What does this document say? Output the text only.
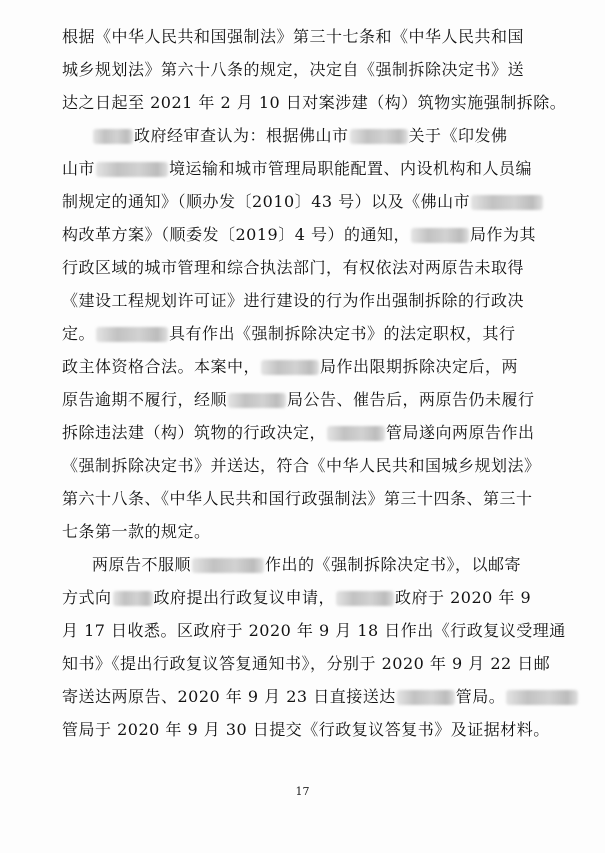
根据《中华人民共和国强制法》第三十七条和《中华人民共和国
城乡规划法》第六十八条的规定，决定自《强制拆除决定书》送
达之日起至 2021 年 2 月 10 日对案涉建（构）筑物实施强制拆除。
政府经审查认为：根据佛山市	关于《印发佛
山市	境运输和城市管理局职能配置、内设机构和人员编
制规定的通知》（顺办发〔2010〕43 号）以及《佛山市
构改革方案》（顺委发〔2019〕4 号）的通知，	局作为其
行政区域的城市管理和综合执法部门，有权依法对两原告未取得
《建设工程规划许可证》进行建设的行为作出强制拆除的行政决
定。	具有作出《强制拆除决定书》的法定职权，其行
政主体资格合法。本案中，	局作出限期拆除决定后，两
原告逾期不履行，经顺	局公告、催告后，两原告仍未履行
拆除违法建（构）筑物的行政决定，	管局遂向两原告作出
《强制拆除决定书》并送达，符合《中华人民共和国城乡规划法》
第六十八条、《中华人民共和国行政强制法》第三十四条、第三十
七条第一款的规定。
两原告不服顺	作出的《强制拆除决定书》，以邮寄
方式向	政府提出行政复议申请，	政府于 2020 年 9
月 17 日收悉。区政府于 2020 年 9 月 18 日作出《行政复议受理通
知书》《提出行政复议答复通知书》，分别于 2020 年 9 月 22 日邮
寄送达两原告、2020 年 9 月 23 日直接送达	管局。
管局于 2020 年 9 月 30 日提交《行政复议答复书》及证据材料。
17
